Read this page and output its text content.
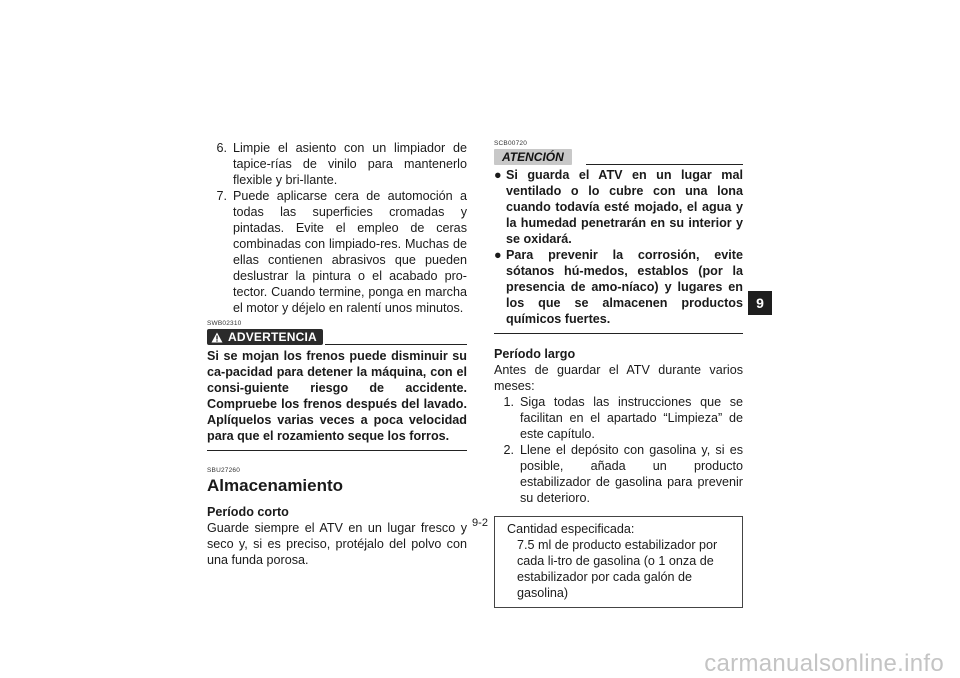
6. Limpie el asiento con un limpiador de tapice-rías de vinilo para mantenerlo flexible y bri-llante.
7. Puede aplicarse cera de automoción a todas las superficies cromadas y pintadas. Evite el empleo de ceras combinadas con limpiado-res. Muchas de ellas contienen abrasivos que pueden deslustrar la pintura o el acabado pro-tector. Cuando termine, ponga en marcha el motor y déjelo en ralentí unos minutos.
SWB02310
ADVERTENCIA
Si se mojan los frenos puede disminuir su ca-pacidad para detener la máquina, con el consi-guiente riesgo de accidente. Compruebe los frenos después del lavado. Aplíquelos varias veces a poca velocidad para que el rozamiento seque los forros.
SBU27260
Almacenamiento
Período corto
Guarde siempre el ATV en un lugar fresco y seco y, si es preciso, protéjalo del polvo con una funda porosa.
SCB00720
ATENCIÓN
● Si guarda el ATV en un lugar mal ventilado o lo cubre con una lona cuando todavía esté mojado, el agua y la humedad penetrarán en su interior y se oxidará.
● Para prevenir la corrosión, evite sótanos hú-medos, establos (por la presencia de amo-níaco) y lugares en los que se almacenen productos químicos fuertes.
Período largo
Antes de guardar el ATV durante varios meses:
1. Siga todas las instrucciones que se facilitan en el apartado “Limpieza” de este capítulo.
2. Llene el depósito con gasolina y, si es posible, añada un producto estabilizador de gasolina para prevenir su deterioro.
Cantidad especificada:
7.5 ml de producto estabilizador por cada li-tro de gasolina (o 1 onza de estabilizador por cada galón de gasolina)
9
9-2
carmanualsonline.info
